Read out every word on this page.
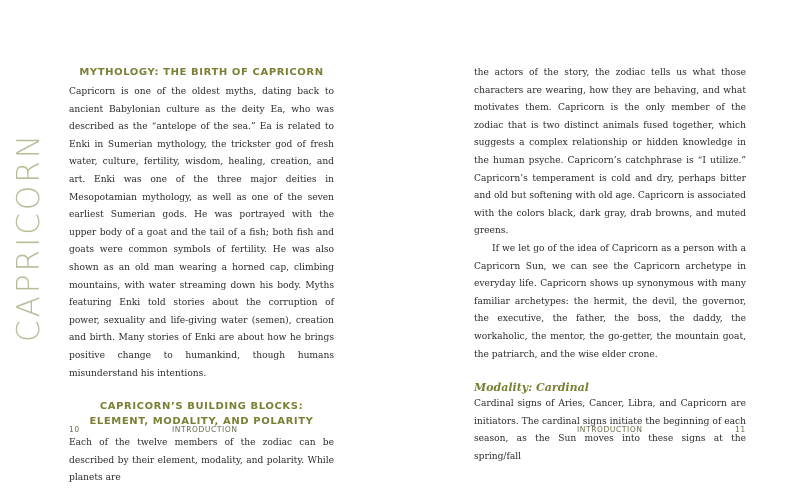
CAPRICORN
MYTHOLOGY: THE BIRTH OF CAPRICORN

Capricorn is one of the oldest myths, dating back to ancient Babylonian culture as the deity Ea, who was described as the “antelope of the sea.” Ea is related to Enki in Sumerian mythology, the trickster god of fresh water, culture, fertility, wisdom, healing, creation, and art. Enki was one of the three major deities in Mesopotamian mythology, as well as one of the seven earliest Sumerian gods. He was portrayed with the upper body of a goat and the tail of a fish; both fish and goats were common symbols of fertility. He was also shown as an old man wearing a horned cap, climbing mountains, with water streaming down his body. Myths featuring Enki told stories about the corruption of power, sexuality and life-giving water (semen), creation and birth. Many stories of Enki are about how he brings positive change to humankind, though humans misunderstand his intentions.

CAPRICORN’S BUILDING BLOCKS:
ELEMENT, MODALITY, AND POLARITY

Each of the twelve members of the zodiac can be described by their element, modality, and polarity. While planets are

10	INTRODUCTION

the actors of the story, the zodiac tells us what those characters are wearing, how they are behaving, and what motivates them. Capricorn is the only member of the zodiac that is two distinct animals fused together, which suggests a complex relationship or hidden knowledge in the human psyche. Capricorn’s catchphrase is “I utilize.” Capricorn’s temperament is cold and dry, perhaps bitter and old but softening with old age. Capricorn is associated with the colors black, dark gray, drab browns, and muted greens.

If we let go of the idea of Capricorn as a person with a Capricorn Sun, we can see the Capricorn archetype in everyday life. Capricorn shows up synonymous with many familiar archetypes: the hermit, the devil, the governor, the executive, the father, the boss, the daddy, the workaholic, the mentor, the go-getter, the mountain goat, the patriarch, and the wise elder crone.

Modality: Cardinal

Cardinal signs of Aries, Cancer, Libra, and Capricorn are initiators. The cardinal signs initiate the beginning of each season, as the Sun moves into these signs at the spring/fall

INTRODUCTION	11
